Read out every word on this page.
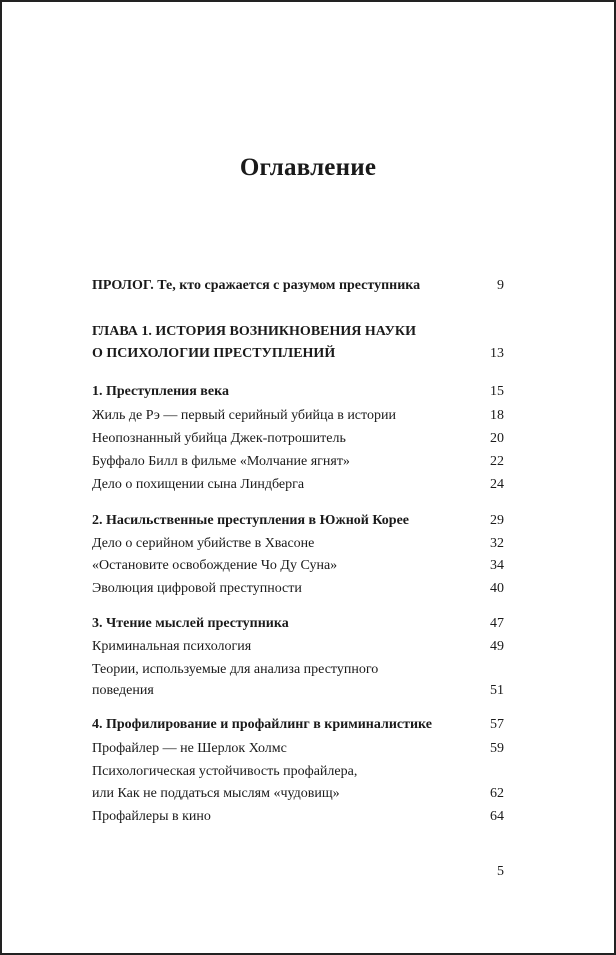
Оглавление
ПРОЛОГ. Те, кто сражается с разумом преступника	9
ГЛАВА 1. ИСТОРИЯ ВОЗНИКНОВЕНИЯ НАУКИ
О ПСИХОЛОГИИ ПРЕСТУПЛЕНИЙ	13
1. Преступления века	15
Жиль де Рэ — первый серийный убийца в истории	18
Неопознанный убийца Джек-потрошитель	20
Буффало Билл в фильме «Молчание ягнят»	22
Дело о похищении сына Линдберга	24
2. Насильственные преступления в Южной Корее	29
Дело о серийном убийстве в Хвасоне	32
«Остановите освобождение Чо Ду Суна»	34
Эволюция цифровой преступности	40
3. Чтение мыслей преступника	47
Криминальная психология	49
Теории, используемые для анализа преступного
поведения	51
4. Профилирование и профайлинг в криминалистике	57
Профайлер — не Шерлок Холмс	59
Психологическая устойчивость профайлера,
или Как не поддаться мыслям «чудовищ»	62
Профайлеры в кино	64
5
